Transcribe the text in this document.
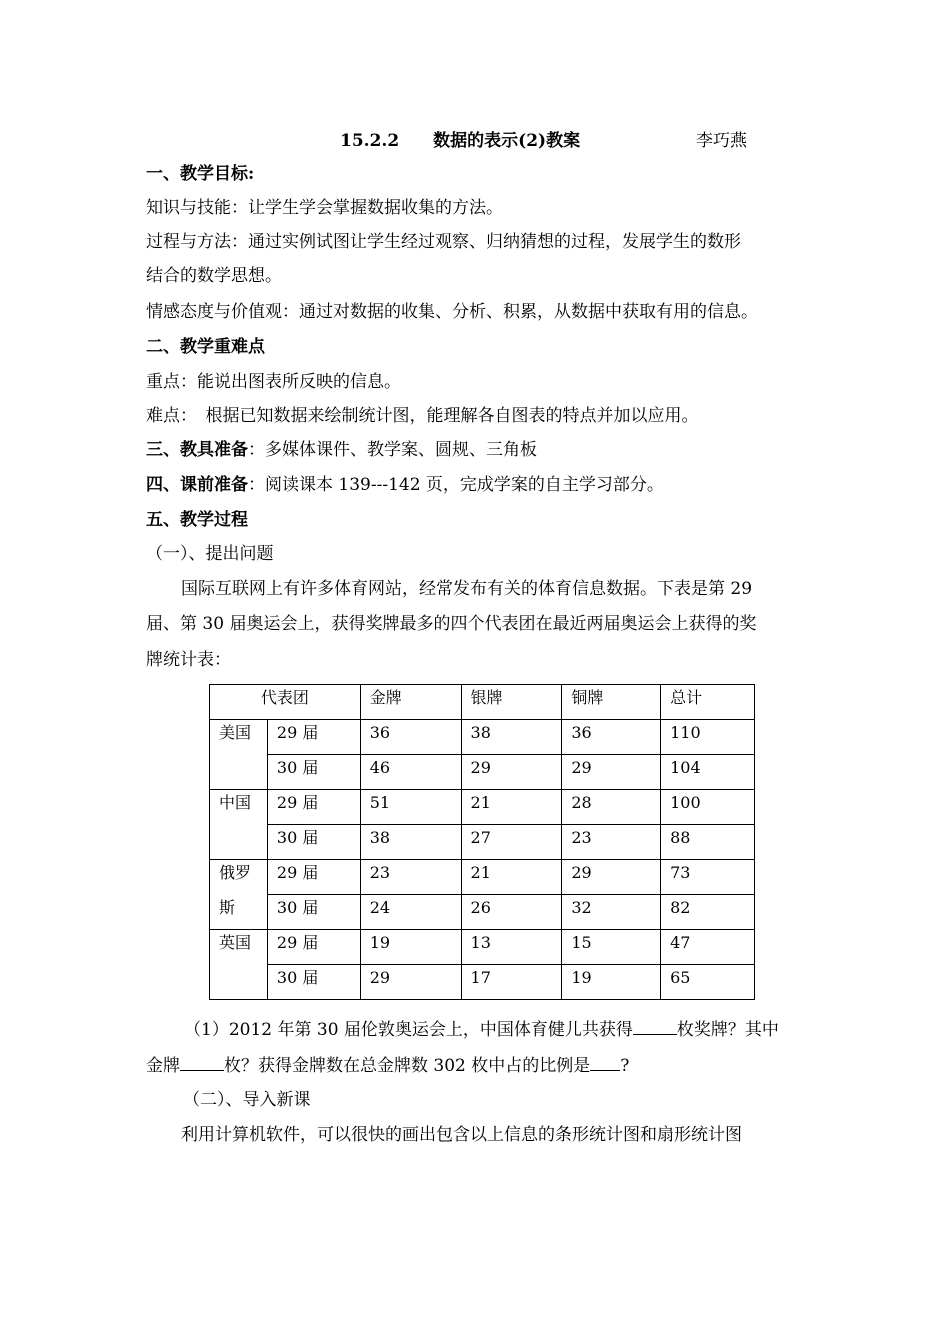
15.2.2　　数据的表示(2)教案	李巧燕
一、教学目标:
知识与技能：让学生学会掌握数据收集的方法。
过程与方法：通过实例试图让学生经过观察、归纳猜想的过程，发展学生的数形
结合的数学思想。
情感态度与价值观：通过对数据的收集、分析、积累，从数据中获取有用的信息。
二、教学重难点
重点：能说出图表所反映的信息。
难点：　根据已知数据来绘制统计图，能理解各自图表的特点并加以应用。
三、教具准备：多媒体课件、教学案、圆规、三角板
四、课前准备：阅读课本 139---142 页，完成学案的自主学习部分。
五、教学过程
（一）、提出问题
国际互联网上有许多体育网站，经常发布有关的体育信息数据。下表是第 29
届、第 30 届奥运会上，获得奖牌最多的四个代表团在最近两届奥运会上获得的奖
牌统计表：
代表团		金牌	银牌	铜牌	总计
美国	29 届	36	38	36	110
	30 届	46	29	29	104
中国	29 届	51	21	28	100
	30 届	38	27	23	88
俄罗	29 届	23	21	29	73
斯	30 届	24	26	32	82
英国	29 届	19	13	15	47
	30 届	29	17	19	65
（1）2012 年第 30 届伦敦奥运会上，中国体育健儿共获得	枚奖牌？其中
金牌	枚？获得金牌数在总金牌数 302 枚中占的比例是 ?
（二）、导入新课
利用计算机软件，可以很快的画出包含以上信息的条形统计图和扇形统计图
